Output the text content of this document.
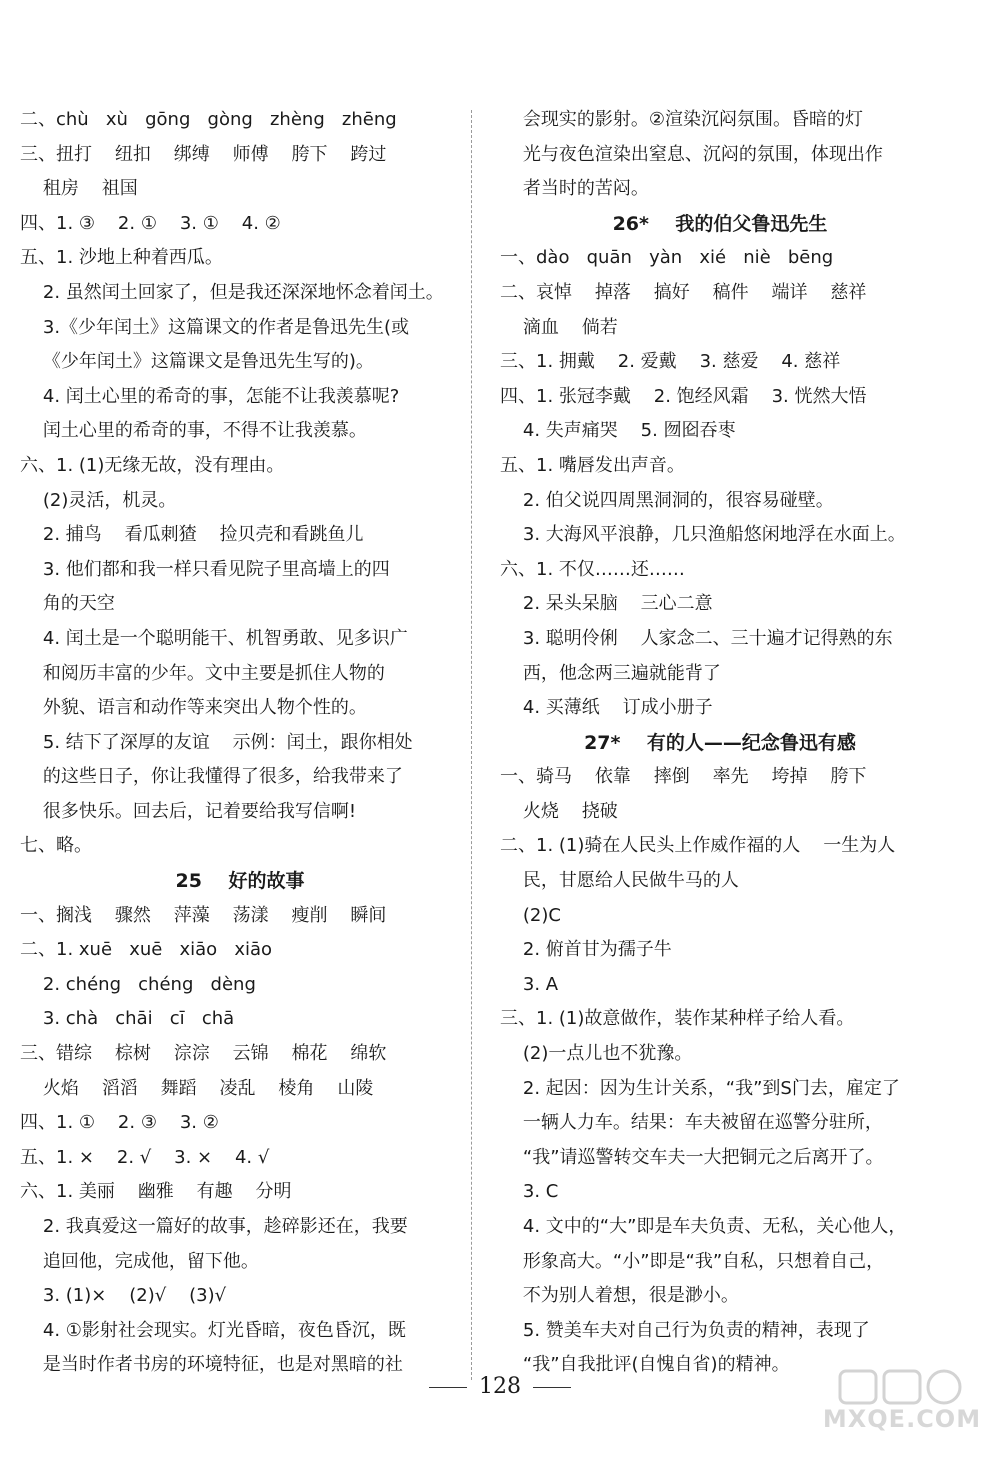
二、chù   xù   gōng   gòng   zhèng   zhēng
三、扭打    纽扣    绑缚    师傅    胯下    跨过
租房    祖国
四、1. ③    2. ①    3. ①    4. ②
五、1. 沙地上种着西瓜。
2. 虽然闰土回家了，但是我还深深地怀念着闰土。
3.《少年闰土》这篇课文的作者是鲁迅先生(或
《少年闰土》这篇课文是鲁迅先生写的)。
4. 闰土心里的希奇的事，怎能不让我羡慕呢?
闰土心里的希奇的事，不得不让我羡慕。
六、1. (1)无缘无故，没有理由。
(2)灵活，机灵。
2. 捕鸟    看瓜刺猹    捡贝壳和看跳鱼儿
3. 他们都和我一样只看见院子里高墙上的四
角的天空
4. 闰土是一个聪明能干、机智勇敢、见多识广
和阅历丰富的少年。文中主要是抓住人物的
外貌、语言和动作等来突出人物个性的。
5. 结下了深厚的友谊    示例：闰土，跟你相处
的这些日子，你让我懂得了很多，给我带来了
很多快乐。回去后，记着要给我写信啊!
七、略。
25    好的故事
一、搁浅    骤然    萍藻    荡漾    瘦削    瞬间
二、1. xuē   xuē   xiāo   xiāo
2. chéng   chéng   dèng
3. chà   chāi   cī   chā
三、错综    棕树    淙淙    云锦    棉花    绵软
火焰    滔滔    舞蹈    凌乱    棱角    山陵
四、1. ①    2. ③    3. ②
五、1. ×    2. √    3. ×    4. √
六、1. 美丽    幽雅    有趣    分明
2. 我真爱这一篇好的故事，趁碎影还在，我要
追回他，完成他，留下他。
3. (1)×    (2)√    (3)√
4. ①影射社会现实。灯光昏暗，夜色昏沉，既
是当时作者书房的环境特征，也是对黑暗的社
会现实的影射。②渲染沉闷氛围。昏暗的灯
光与夜色渲染出窒息、沉闷的氛围，体现出作
者当时的苦闷。
26*    我的伯父鲁迅先生
一、dào   quān   yàn   xié   niè   bēng
二、哀悼    掉落    搞好    稿件    端详    慈祥
滴血    倘若
三、1. 拥戴    2. 爱戴    3. 慈爱    4. 慈祥
四、1. 张冠李戴    2. 饱经风霜    3. 恍然大悟
4. 失声痛哭    5. 囫囵吞枣
五、1. 嘴唇发出声音。
2. 伯父说四周黑洞洞的，很容易碰壁。
3. 大海风平浪静，几只渔船悠闲地浮在水面上。
六、1. 不仅……还……
2. 呆头呆脑    三心二意
3. 聪明伶俐    人家念二、三十遍才记得熟的东
西，他念两三遍就能背了
4. 买薄纸    订成小册子
27*    有的人——纪念鲁迅有感
一、骑马    依靠    摔倒    率先    垮掉    胯下
火烧    挠破
二、1. (1)骑在人民头上作威作福的人    一生为人
民，甘愿给人民做牛马的人
(2)C
2. 俯首甘为孺子牛
3. A
三、1. (1)故意做作，装作某种样子给人看。
(2)一点儿也不犹豫。
2. 起因：因为生计关系，“我”到S门去，雇定了
一辆人力车。结果：车夫被留在巡警分驻所，
“我”请巡警转交车夫一大把铜元之后离开了。
3. C
4. 文中的“大”即是车夫负责、无私，关心他人，
形象高大。“小”即是“我”自私，只想着自己，
不为别人着想，很是渺小。
5. 赞美车夫对自己行为负责的精神，表现了
“我”自我批评(自愧自省)的精神。
128
MXQE.COM
